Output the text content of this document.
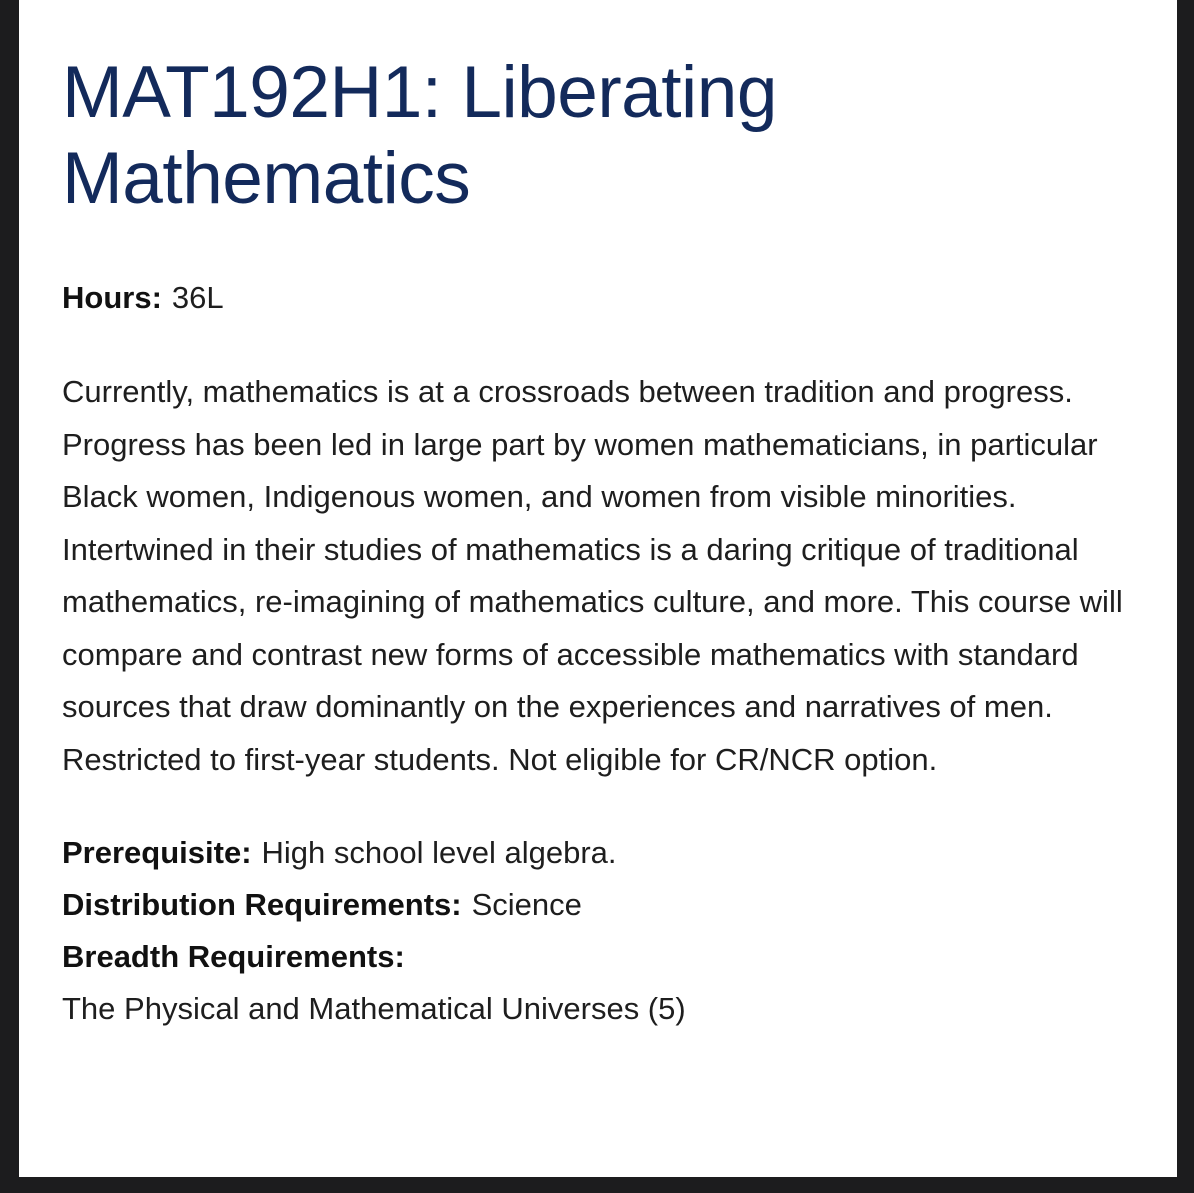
MAT192H1: Liberating Mathematics
Hours: 36L

Currently, mathematics is at a crossroads between tradition and progress. Progress has been led in large part by women mathematicians, in particular Black women, Indigenous women, and women from visible minorities. Intertwined in their studies of mathematics is a daring critique of traditional mathematics, re-imagining of mathematics culture, and more. This course will compare and contrast new forms of accessible mathematics with standard sources that draw dominantly on the experiences and narratives of men. Restricted to first-year students. Not eligible for CR/NCR option.

Prerequisite: High school level algebra.
Distribution Requirements: Science
Breadth Requirements:
The Physical and Mathematical Universes (5)
